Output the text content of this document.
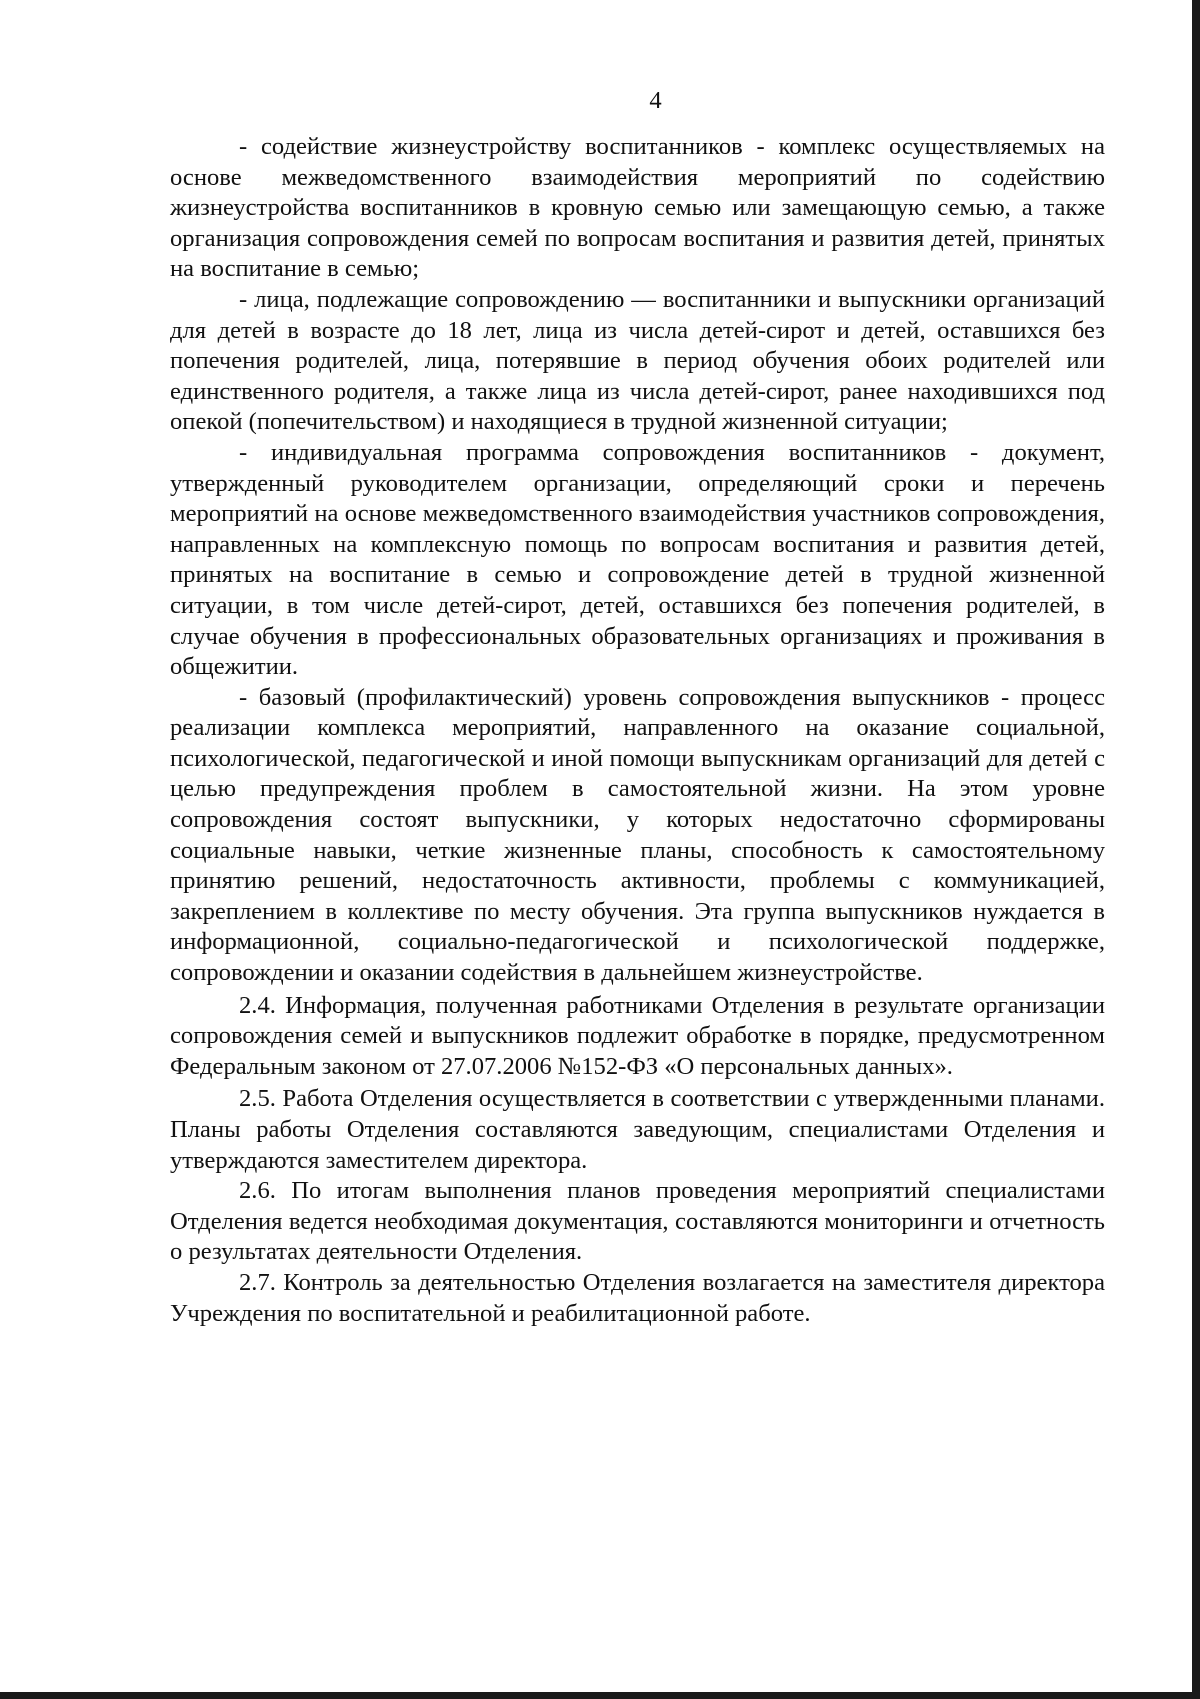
4

- содействие жизнеустройству воспитанников - комплекс осуществляемых на основе межведомственного взаимодействия мероприятий по содействию жизнеустройства воспитанников в кровную семью или замещающую семью, а также организация сопровождения семей по вопросам воспитания и развития детей, принятых на воспитание в семью;

- лица, подлежащие сопровождению — воспитанники и выпускники организаций для детей в возрасте до 18 лет, лица из числа детей-сирот и детей, оставшихся без попечения родителей, лица, потерявшие в период обучения обоих родителей или единственного родителя, а также лица из числа детей-сирот, ранее находившихся под опекой (попечительством) и находящиеся в трудной жизненной ситуации;

- индивидуальная программа сопровождения воспитанников - документ, утвержденный руководителем организации, определяющий сроки и перечень мероприятий на основе межведомственного взаимодействия участников сопровождения, направленных на комплексную помощь по вопросам воспитания и развития детей, принятых на воспитание в семью и сопровождение детей в трудной жизненной ситуации, в том числе детей-сирот, детей, оставшихся без попечения родителей, в случае обучения в профессиональных образовательных организациях и проживания в общежитии.

- базовый (профилактический) уровень сопровождения выпускников - процесс реализации комплекса мероприятий, направленного на оказание социальной, психологической, педагогической и иной помощи выпускникам организаций для детей с целью предупреждения проблем в самостоятельной жизни. На этом уровне сопровождения состоят выпускники, у которых недостаточно сформированы социальные навыки, четкие жизненные планы, способность к самостоятельному принятию решений, недостаточность активности, проблемы с коммуникацией, закреплением в коллективе по месту обучения. Эта группа выпускников нуждается в информационной, социально-педагогической и психологической поддержке, сопровождении и оказании содействия в дальнейшем жизнеустройстве.

2.4. Информация, полученная работниками Отделения в результате организации сопровождения семей и выпускников подлежит обработке в порядке, предусмотренном Федеральным законом от 27.07.2006 №152-ФЗ «О персональных данных».

2.5. Работа Отделения осуществляется в соответствии с утвержденными планами. Планы работы Отделения составляются заведующим, специалистами Отделения и утверждаются заместителем директора.

2.6. По итогам выполнения планов проведения мероприятий специалистами Отделения ведется необходимая документация, составляются мониторинги и отчетность о результатах деятельности Отделения.

2.7. Контроль за деятельностью Отделения возлагается на заместителя директора Учреждения по воспитательной и реабилитационной работе.
